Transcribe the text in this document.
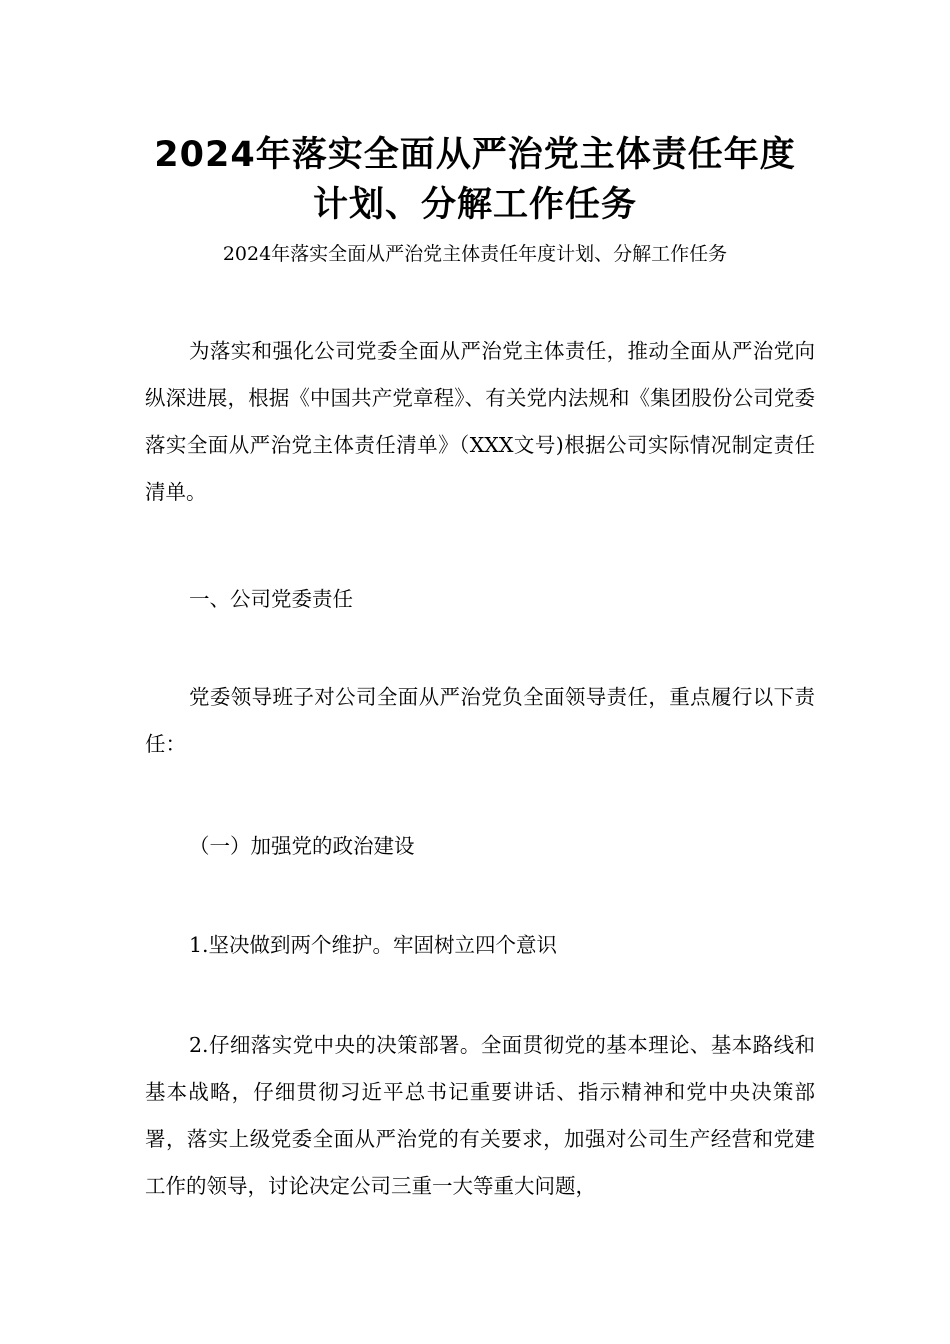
2024年落实全面从严治党主体责任年度
计划、分解工作任务
2024年落实全面从严治党主体责任年度计划、分解工作任务

为落实和强化公司党委全面从严治党主体责任，推动全面从严治党向纵深进展，根据《中国共产党章程》、有关党内法规和《集团股份公司党委落实全面从严治党主体责任清单》（XXX文号)根据公司实际情况制定责任清单。

一、公司党委责任

党委领导班子对公司全面从严治党负全面领导责任，重点履行以下责任：

（一）加强党的政治建设

1.坚决做到两个维护。牢固树立四个意识

2.仔细落实党中央的决策部署。全面贯彻党的基本理论、基本路线和基本战略，仔细贯彻习近平总书记重要讲话、指示精神和党中央决策部署，落实上级党委全面从严治党的有关要求，加强对公司生产经营和党建工作的领导，讨论决定公司三重一大等重大问题，
